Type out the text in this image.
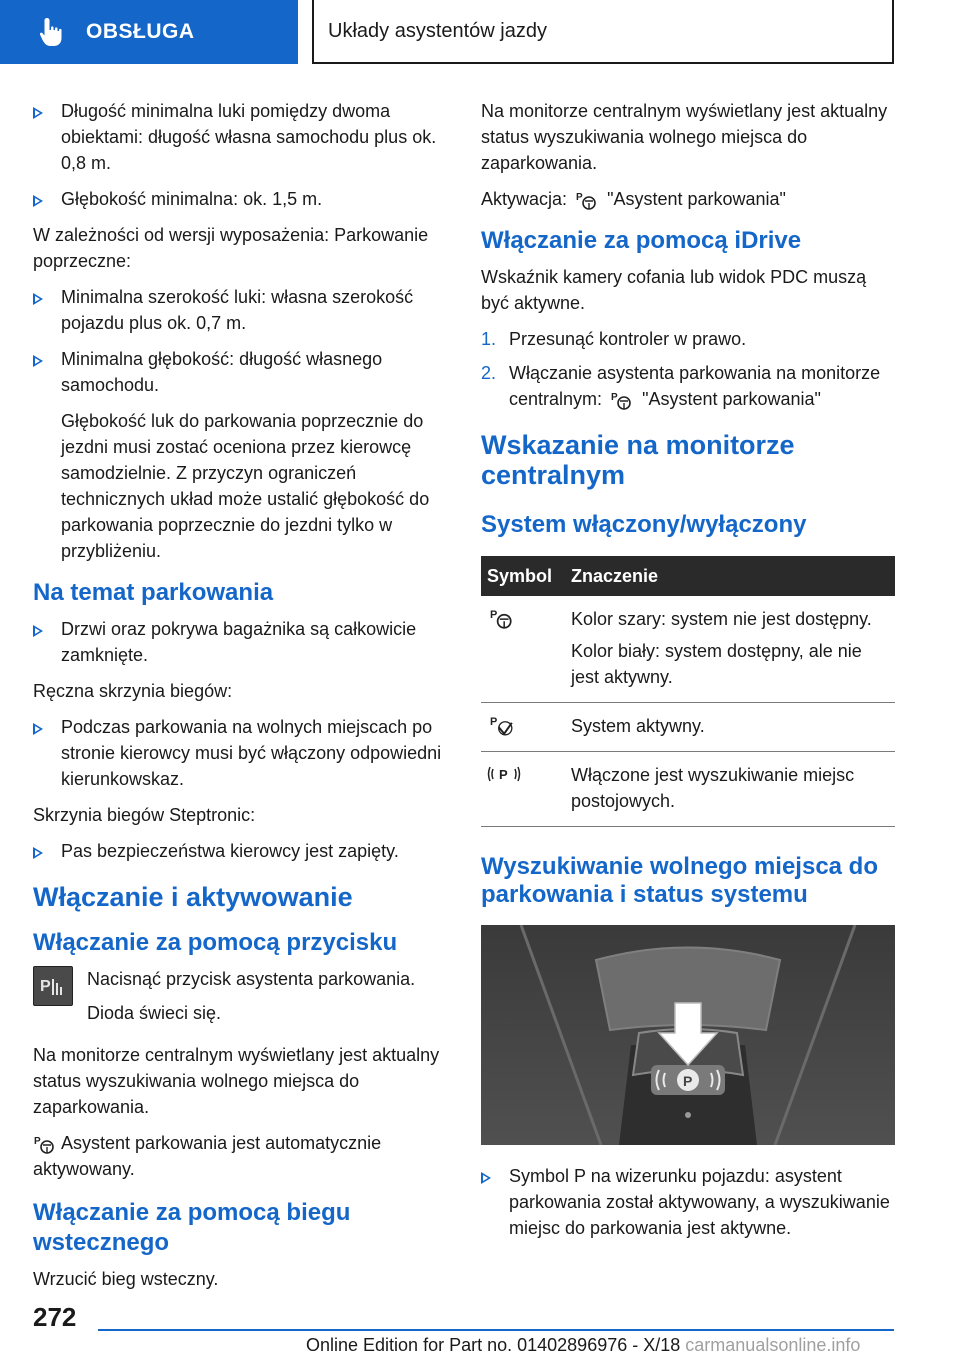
OBSŁUGA	Układy asystentów jazdy
Długość minimalna luki pomiędzy dwoma obiektami: długość własna samochodu plus ok. 0,8 m.
Głębokość minimalna: ok. 1,5 m.

W zależności od wersji wyposażenia: Parkowanie poprzeczne:

Minimalna szerokość luki: własna szerokość pojazdu plus ok. 0,7 m.
Minimalna głębokość: długość własnego samochodu.

Głębokość luk do parkowania poprzecznie do jezdni musi zostać oceniona przez kierowcę samodzielnie. Z przyczyn ograniczeń technicznych układ może ustalić głębokość do parkowania poprzecznie do jezdni tylko w przybliżeniu.

Na temat parkowania
Drzwi oraz pokrywa bagażnika są całkowicie zamknięte.

Ręczna skrzynia biegów:

Podczas parkowania na wolnych miejscach po stronie kierowcy musi być włączony odpowiedni kierunkowskaz.

Skrzynia biegów Steptronic:

Pas bezpieczeństwa kierowcy jest zapięty.
Włączanie i aktywowanie
Włączanie za pomocą przycisku
P Nacisnąć przycisk asystenta parkowania.

Dioda świeci się.

Na monitorze centralnym wyświetlany jest aktualny status wyszukiwania wolnego miejsca do zaparkowania.

P Asystent parkowania jest automatycznie aktywowany.

Włączanie za pomocą biegu wstecznego

Wrzucić bieg wsteczny.

Na monitorze centralnym wyświetlany jest aktualny status wyszukiwania wolnego miejsca do zaparkowania.

Aktywacja: P "Asystent parkowania"

Włączanie za pomocą iDrive

Wskaźnik kamery cofania lub widok PDC muszą być aktywne.

1. Przesunąć kontroler w prawo.
2. Włączanie asystenta parkowania na monitorze centralnym: P "Asystent parkowania"
Wskazanie na monitorze centralnym
System włączony/wyłączony
Symbol	Znaczenie

P	Kolor szary: system nie jest dostępny.

Kolor biały: system dostępny, ale nie jest aktywny.

P	System aktywny.

P	Włączone jest wyszukiwanie miejsc postojowych.

Wyszukiwanie wolnego miejsca do parkowania i status systemu
P
Symbol P na wizerunku pojazdu: asystent parkowania został aktywowany, a wyszukiwanie miejsc do parkowania jest aktywne.
272
Online Edition for Part no. 01402896976 - X/18 carmanualsonline.info
